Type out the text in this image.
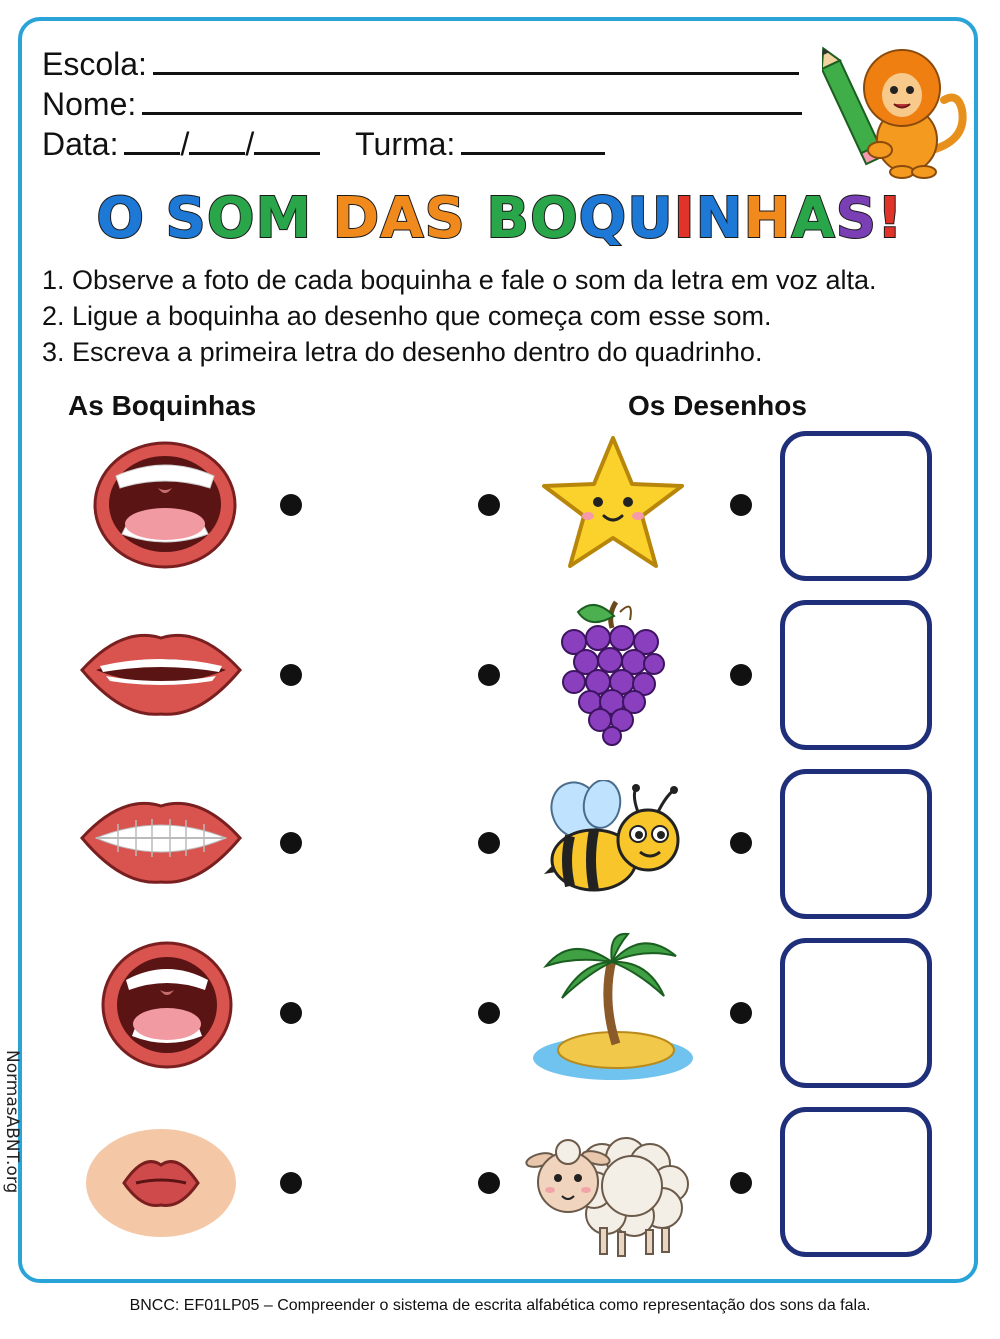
Escola:
Nome:
Data: / /	Turma:
O SOM DAS BOQUINHAS!
1. Observe a foto de cada boquinha e fale o som da letra em voz alta.
2. Ligue a boquinha ao desenho que começa com esse som.
3. Escreva a primeira letra do desenho dentro do quadrinho.
As Boquinhas	Os Desenhos
NormasABNT.org
BNCC: EF01LP05 – Compreender o sistema de escrita alfabética como representação dos sons da fala.
